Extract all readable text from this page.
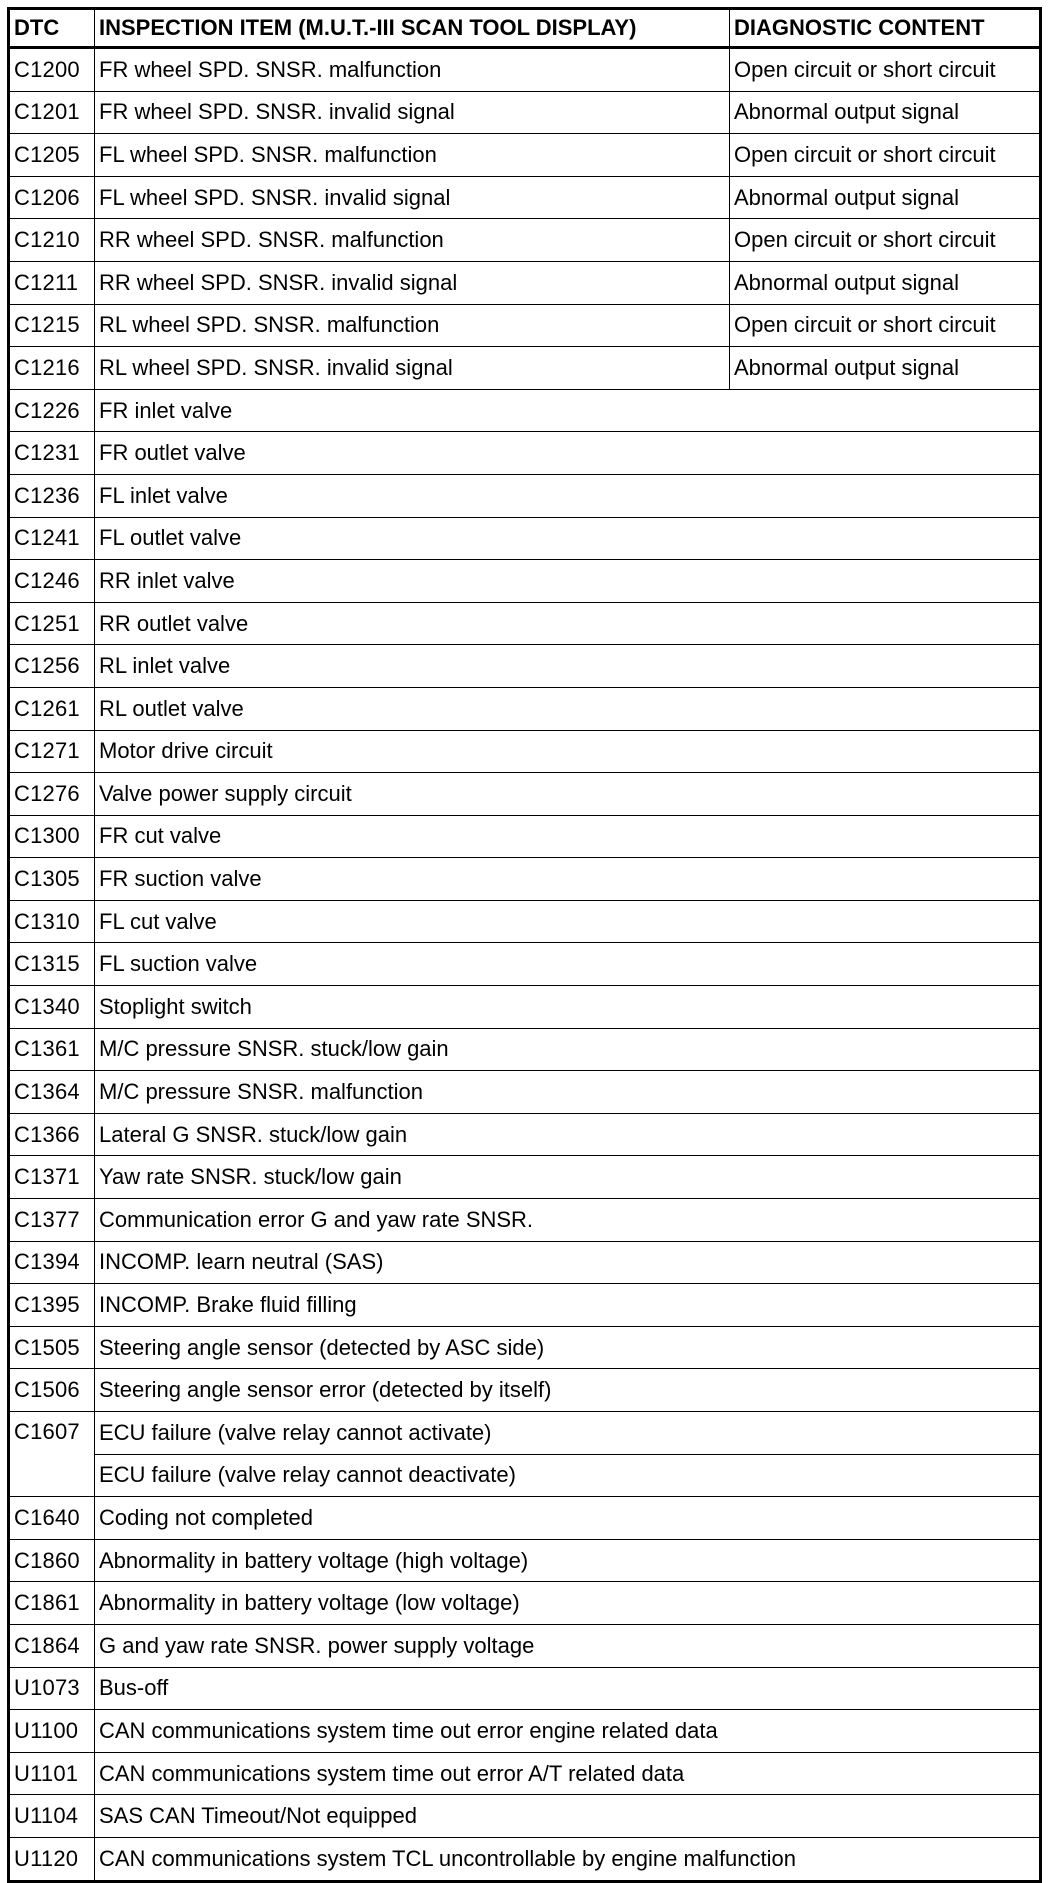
DTC	INSPECTION ITEM (M.U.T.-III SCAN TOOL DISPLAY)	DIAGNOSTIC CONTENT
C1200	FR wheel SPD. SNSR. malfunction	Open circuit or short circuit
C1201	FR wheel SPD. SNSR. invalid signal	Abnormal output signal
C1205	FL wheel SPD. SNSR. malfunction	Open circuit or short circuit
C1206	FL wheel SPD. SNSR. invalid signal	Abnormal output signal
C1210	RR wheel SPD. SNSR. malfunction	Open circuit or short circuit
C1211	RR wheel SPD. SNSR. invalid signal	Abnormal output signal
C1215	RL wheel SPD. SNSR. malfunction	Open circuit or short circuit
C1216	RL wheel SPD. SNSR. invalid signal	Abnormal output signal
C1226	FR inlet valve	
C1231	FR outlet valve	
C1236	FL inlet valve	
C1241	FL outlet valve	
C1246	RR inlet valve	
C1251	RR outlet valve	
C1256	RL inlet valve	
C1261	RL outlet valve	
C1271	Motor drive circuit	
C1276	Valve power supply circuit	
C1300	FR cut valve	
C1305	FR suction valve	
C1310	FL cut valve	
C1315	FL suction valve	
C1340	Stoplight switch	
C1361	M/C pressure SNSR. stuck/low gain	
C1364	M/C pressure SNSR. malfunction	
C1366	Lateral G SNSR. stuck/low gain	
C1371	Yaw rate SNSR. stuck/low gain	
C1377	Communication error G and yaw rate SNSR.	
C1394	INCOMP. learn neutral (SAS)	
C1395	INCOMP. Brake fluid filling	
C1505	Steering angle sensor (detected by ASC side)	
C1506	Steering angle sensor error (detected by itself)	
C1607	ECU failure (valve relay cannot activate)	
	ECU failure (valve relay cannot deactivate)	
C1640	Coding not completed	
C1860	Abnormality in battery voltage (high voltage)	
C1861	Abnormality in battery voltage (low voltage)	
C1864	G and yaw rate SNSR. power supply voltage	
U1073	Bus-off	
U1100	CAN communications system time out error engine related data	
U1101	CAN communications system time out error A/T related data	
U1104	SAS CAN Timeout/Not equipped	
U1120	CAN communications system TCL uncontrollable by engine malfunction	
